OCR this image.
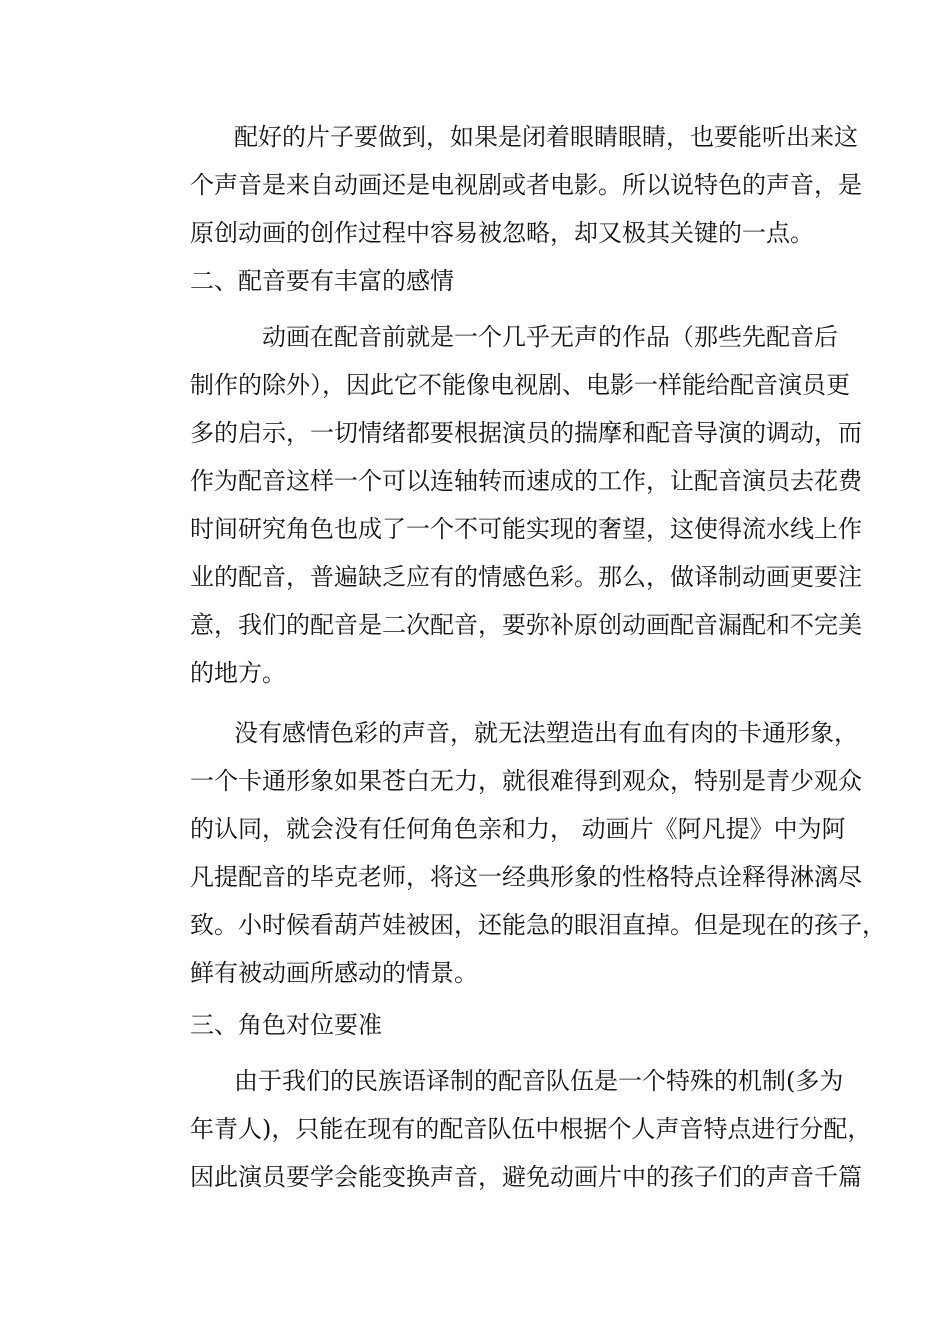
配好的片子要做到，如果是闭着眼睛眼睛，也要能听出来这
个声音是来自动画还是电视剧或者电影。所以说特色的声音，是
原创动画的创作过程中容易被忽略，却又极其关键的一点。
二、配音要有丰富的感情
动画在配音前就是一个几乎无声的作品（那些先配音后
制作的除外），因此它不能像电视剧、电影一样能给配音演员更
多的启示，一切情绪都要根据演员的揣摩和配音导演的调动，而
作为配音这样一个可以连轴转而速成的工作，让配音演员去花费
时间研究角色也成了一个不可能实现的奢望，这使得流水线上作
业的配音，普遍缺乏应有的情感色彩。那么，做译制动画更要注
意，我们的配音是二次配音，要弥补原创动画配音漏配和不完美
的地方。
没有感情色彩的声音，就无法塑造出有血有肉的卡通形象，
一个卡通形象如果苍白无力，就很难得到观众，特别是青少观众
的认同，就会没有任何角色亲和力， 动画片《阿凡提》中为阿
凡提配音的毕克老师，将这一经典形象的性格特点诠释得淋漓尽
致。小时候看葫芦娃被困，还能急的眼泪直掉。但是现在的孩子，
鲜有被动画所感动的情景。
三、角色对位要准
由于我们的民族语译制的配音队伍是一个特殊的机制(多为
年青人)，只能在现有的配音队伍中根据个人声音特点进行分配，
因此演员要学会能变换声音，避免动画片中的孩子们的声音千篇
